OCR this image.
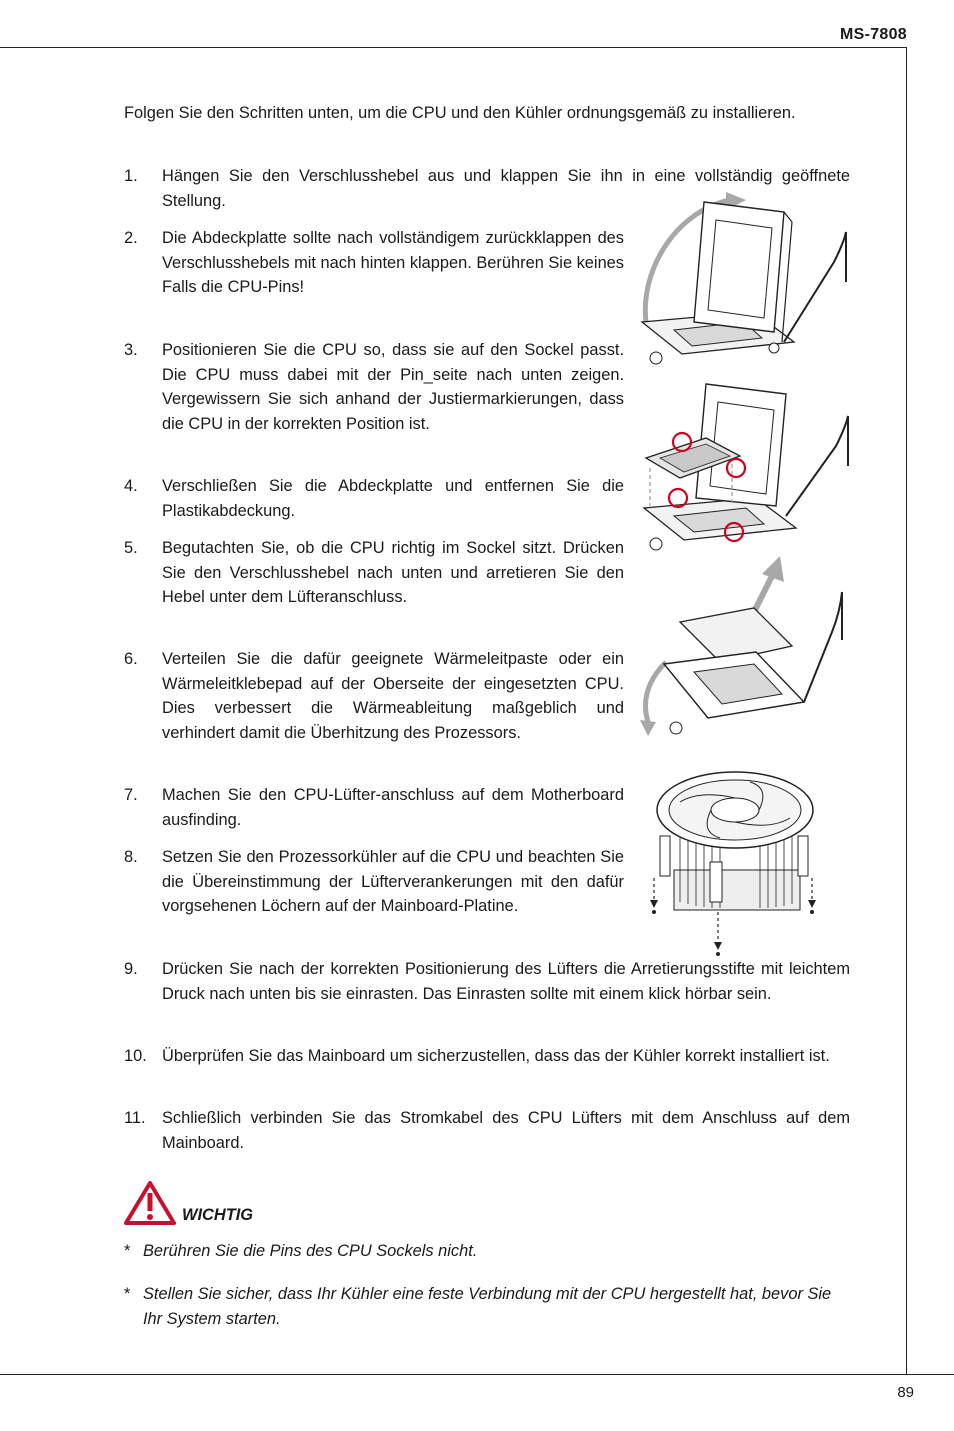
MS-7808
89
Folgen Sie den Schritten unten, um die CPU und den Kühler ordnungsgemäß zu installieren.
1. Hängen Sie den Verschlusshebel aus und klappen Sie ihn in eine vollständig geöffnete Stellung.
2. Die Abdeckplatte sollte nach vollständigem zurückklappen des Verschlusshebels mit nach hinten klappen. Berühren Sie keines Falls die CPU-Pins!
3. Positionieren Sie die CPU so, dass sie auf den Sockel passt. Die CPU muss dabei mit der Pin_seite nach unten zeigen. Vergewissern Sie sich anhand der Justiermarkierungen, dass die CPU in der korrekten Position ist.
4. Verschließen Sie die Abdeckplatte und entfernen Sie die Plastikabdeckung.
5. Begutachten Sie, ob die CPU richtig im Sockel sitzt. Drücken Sie den Verschlusshebel nach unten und arretieren Sie den Hebel unter dem Lüfteranschluss.
6. Verteilen Sie die dafür geeignete Wärmeleitpaste oder ein Wärmeleitklebepad auf der Oberseite der eingesetzten CPU. Dies verbessert die Wärmeableitung maßgeblich und verhindert damit die Überhitzung des Prozessors.
7. Machen Sie den CPU-Lüfter-anschluss auf dem Motherboard ausfinding.
8. Setzen Sie den Prozessorkühler auf die CPU und beachten Sie die Übereinstimmung der Lüfterverankerungen mit den dafür vorgsehenen Löchern auf der Mainboard-Platine.
9. Drücken Sie nach der korrekten Positionierung des Lüfters die Arretierungsstifte mit leichtem Druck nach unten bis sie einrasten. Das Einrasten sollte mit einem klick hörbar sein.
10. Überprüfen Sie das Mainboard um sicherzustellen, dass das der Kühler korrekt installiert ist.
11. Schließlich verbinden Sie das Stromkabel des CPU Lüfters mit dem Anschluss auf dem Mainboard.
WICHTIG
* Berühren Sie die Pins des CPU Sockels nicht.
* Stellen Sie sicher, dass Ihr Kühler eine feste Verbindung mit der CPU hergestellt hat, bevor Sie Ihr System starten.
